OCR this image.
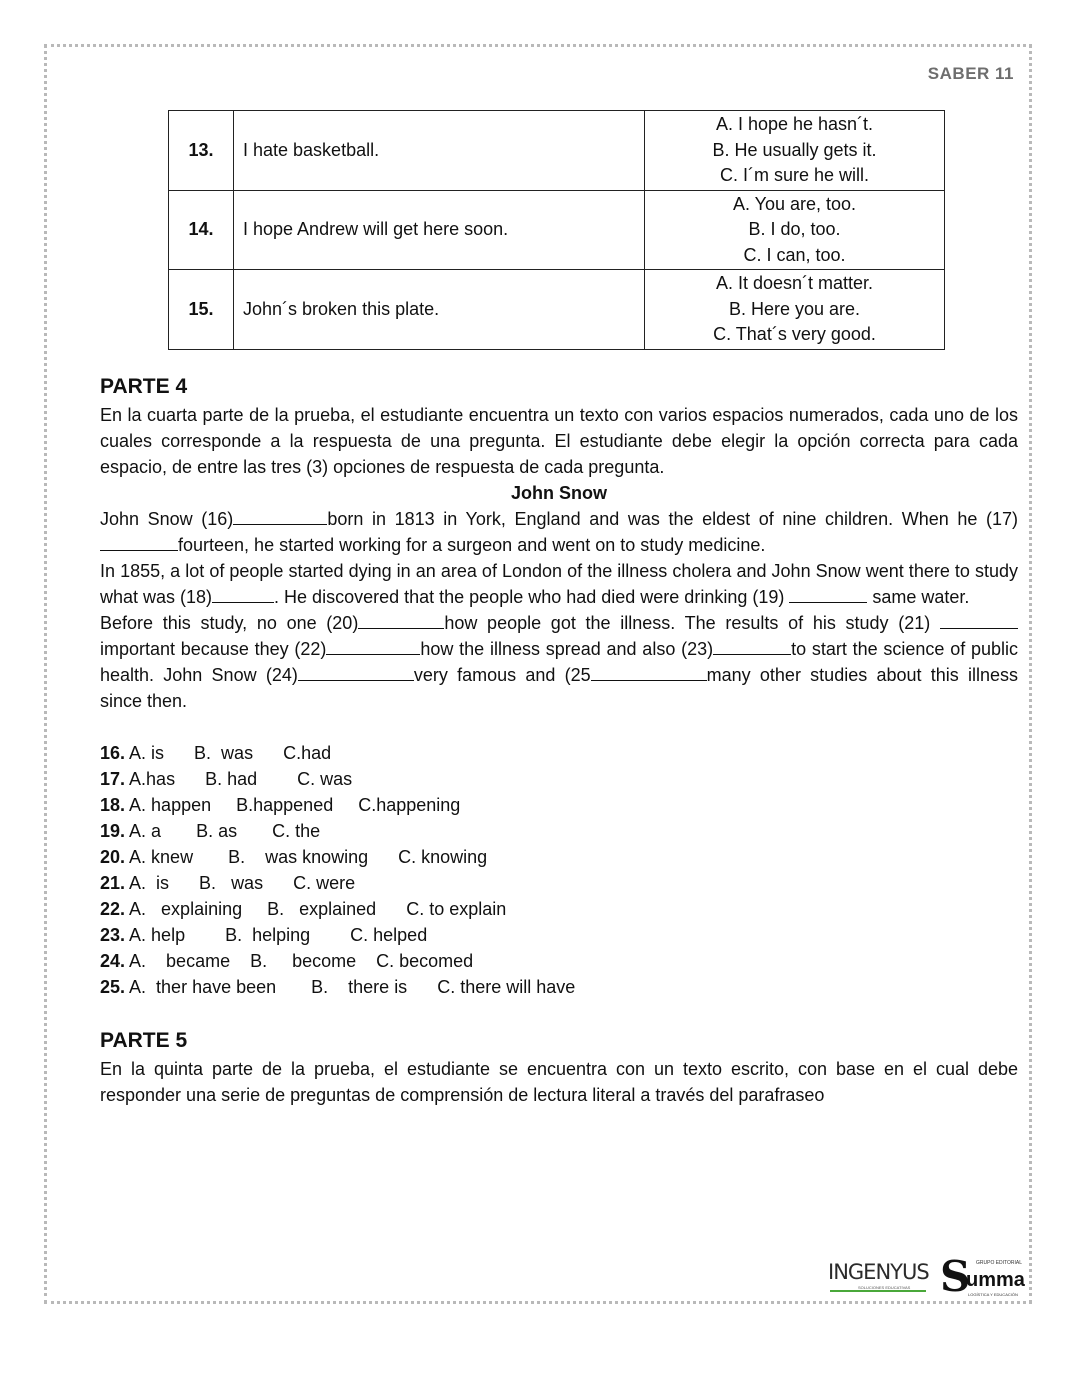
SABER 11
13.	I hate basketball.	A. I hope he hasn´t.
B. He usually gets it.
C. I´m sure he will.

14.	I hope Andrew will get here soon.	A. You are, too.
B. I do, too.
C. I can, too.

15.	John´s broken this plate.	A. It doesn´t matter.
B. Here you are.
C. That´s very good.
PARTE 4
En la cuarta parte de la prueba, el estudiante encuentra un texto con varios espacios numerados, cada uno de los cuales corresponde a la respuesta de una pregunta. El estudiante debe elegir la opción correcta para cada espacio, de entre las tres (3) opciones de respuesta de cada pregunta.
John Snow
John Snow (16)	born in 1813 in York, England and was the eldest of nine children. When he (17) fourteen, he started working for a surgeon and went on to study medicine.
In 1855, a lot of people started dying in an area of London of the illness cholera and John Snow went there to study what was (18)	. He discovered that the people who had died were drinking (19)	same water.
Before this study, no one (20)	how people got the illness. The results of his study (21)  important because they (22)	how the illness spread and also (23)	to start the science of public health. John Snow (24)	very famous and (25	many other studies about this illness since then.
16. A. is      B.  was      C.had
17. A.has      B. had        C. was
18. A. happen     B.happened     C.happening
19. A. a       B. as       C. the
20. A. knew       B.    was knowing      C. knowing
21. A.  is      B.   was      C. were
22. A.   explaining     B.   explained      C. to explain
23. A. help        B.  helping        C. helped
24. A.    became    B.     become    C. becomed
25. A.  ther have been       B.    there is      C. there will have
PARTE 5
En la quinta parte de la prueba, el estudiante se encuentra con un texto escrito, con base en el cual debe responder una serie de preguntas de comprensión de lectura literal a través del parafraseo
INGENYUS
SOLUCIONES EDUCATIVAS S GRUPO EDITORIAL
umma
LOGÍSTICA Y EDUCACIÓN
